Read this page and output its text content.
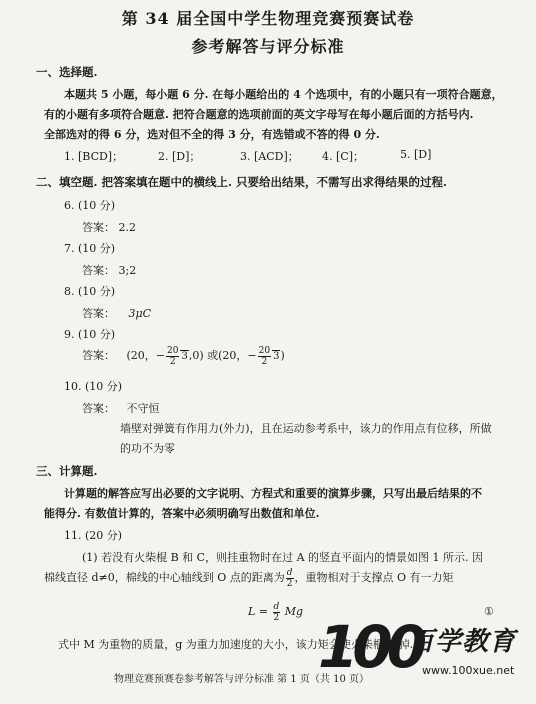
第 34 届全国中学生物理竞赛预赛试卷
参考解答与评分标准
一、选择题.
本题共 5 小题，每小题 6 分. 在每小题给出的 4 个选项中，有的小题只有一项符合题意，
有的小题有多项符合题意. 把符合题意的选项前面的英文字母写在每小题后面的方括号内.
全部选对的得 6 分，选对但不全的得 3 分，有选错或不答的得 0 分.
1. [BCD]；	2. [D]；	3. [ACD]； 4. [C]；	5. [D]
二、填空题. 把答案填在题中的横线上. 只要给出结果，不需写出求得结果的过程.
6. (10 分)
答案： 2.2
7. (10 分)
答案： 3;2
8. (10 分)
答案： 3μC
9. (10 分)
答案： (20，− $\frac{20}{2} 3,0$) 或(20，− $\frac{20}{2} 3$)
10. (10 分)
答案： 不守恒
墙壁对弹簧有作用力(外力)，且在运动参考系中，该力的作用点有位移，所做
的功不为零
三、计算题.
计算题的解答应写出必要的文字说明、方程式和重要的演算步骤，只写出最后结果的不
能得分. 有数值计算的，答案中必须明确写出数值和单位.
11. (20 分)
(1) 若没有火柴棍 B 和 C，则挂重物时在过 A 的竖直平面内的情景如图 1 所示. 因
棉线直径 d≠0，棉线的中心轴线到 O 点的距离为 $\frac{d}{2}$ ，重物相对于支撑点 O 有一力矩
$L = \frac{d}{2}$ Mg	①
式中 M 为重物的质量，g 为重力加速度的大小，该力矩会使火柴棍 A 掉.
物理竞赛预赛卷参考解答与评分标准 第 1 页（共 10 页）
100
百学教育
www.100xue.net
